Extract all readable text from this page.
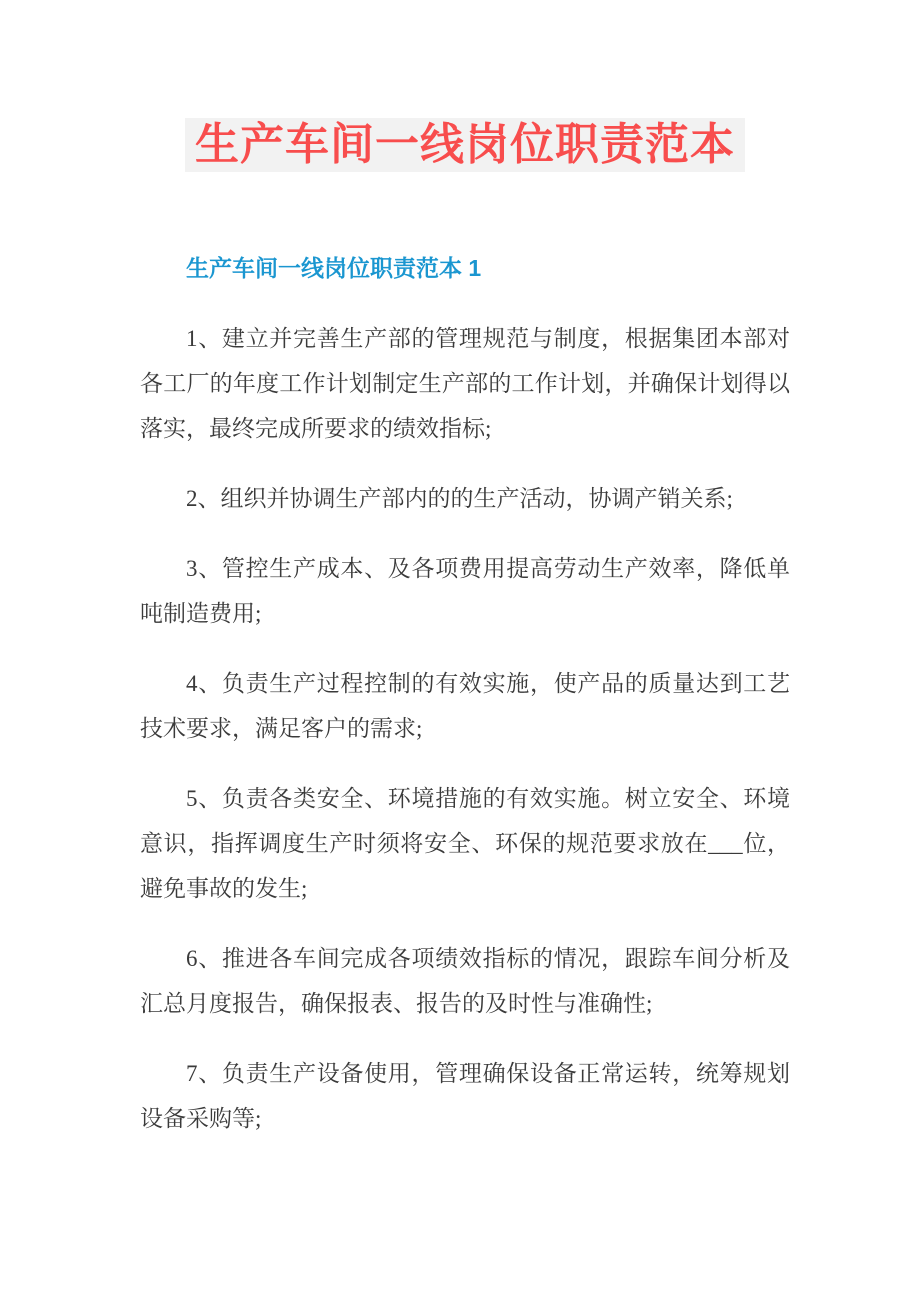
生产车间一线岗位职责范本

生产车间一线岗位职责范本 1

1、建立并完善生产部的管理规范与制度，根据集团本部对各工厂的年度工作计划制定生产部的工作计划，并确保计划得以落实，最终完成所要求的绩效指标;

2、组织并协调生产部内的的生产活动，协调产销关系;

3、管控生产成本、及各项费用提高劳动生产效率，降低单吨制造费用;

4、负责生产过程控制的有效实施，使产品的质量达到工艺技术要求，满足客户的需求;

5、负责各类安全、环境措施的有效实施。树立安全、环境意识，指挥调度生产时须将安全、环保的规范要求放在___位，避免事故的发生;

6、推进各车间完成各项绩效指标的情况，跟踪车间分析及汇总月度报告，确保报表、报告的及时性与准确性;

7、负责生产设备使用，管理确保设备正常运转，统筹规划设备采购等;
